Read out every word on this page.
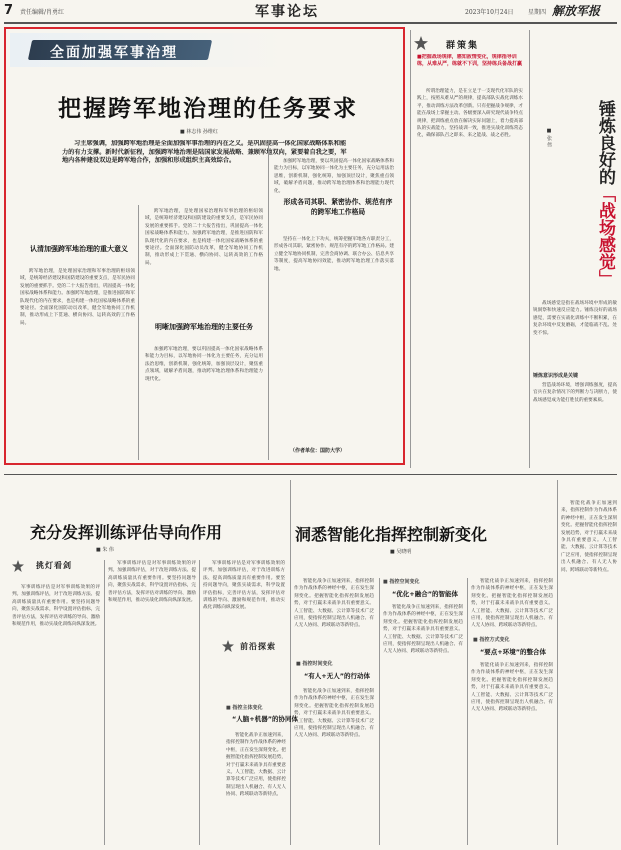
7 责任编辑/肖勇红	军事论坛	2023年10月24日 星期四 解放军报
全面加强军事治理
把握跨军地治理的任务要求
■ 林志伟 孙维红
习主席强调，加强跨军地治理是全面加强军事治理的内在之义。是巩固提高一体化国家战略体系和能力的有力支撑。新时代新征程，加强跨军地治理是陆国家发展战略、兼顾军地双向，紧要着自我之要，军地内各种建设双边是跨军地合作，加强和形成组织主高效综合。
认清加强跨军地治理的重大意义
跨军地治理，是处理国家治理和军事治理的枢纽领域，是统筹经济建设和国防建设的重要支点，是军民协同发展的重要抓手。党的二十大报告指出，巩固提高一体化国家战略体系和能力。加强跨军地治理，是推进国防和军队现代化的内在要求，也是构建一体化国家战略体系的重要途径。全面深化国防动员改革，健全军地协同工作机制，推动形成上下贯通、横向协同、运转高效的工作格局。
跨军地治理，是处理国家治理和军事治理的枢纽领域，是统筹经济建设和国防建设的重要支点，是军民协同发展的重要抓手。党的二十大报告指出，巩固提高一体化国家战略体系和能力。加强跨军地治理，是推进国防和军队现代化的内在要求，也是构建一体化国家战略体系的重要途径。全面深化国防动员改革，健全军地协同工作机制，推动形成上下贯通、横向协同、运转高效的工作格局。
明晰加强跨军地治理的主要任务
加强跨军地治理，要以巩固提高一体化国家战略体系和能力为目标，以军地协同一体化为主要任务，充分运用法治思维，创新机制，强化统筹，加强顶层设计，聚焦重点领域，破解矛盾问题，推动跨军地治理体系和治理能力现代化。
加强跨军地治理，要以巩固提高一体化国家战略体系和能力为目标，以军地协同一体化为主要任务，充分运用法治思维，创新机制，强化统筹，加强顶层设计，聚焦重点领域，破解矛盾问题，推动跨军地治理体系和治理能力现代化。
形成各司其职、紧密协作、规范有序的跨军地工作格局
坚持在一体化上下功夫，统筹把握军地各方职责分工，形成各司其职、紧密协作、规范有序的跨军地工作格局。建立健全军地协同机制，完善会商协调、联合办公、信息共享等制度，提高军地协同效能，推动跨军地治理工作落实落地。
（作者单位：国防大学）
群策集
■把握战场规律，感知敌情变化，规律指导训练，从难从严，练就不下训，坚持练兵备战打赢
所谓治理能力，是在立足于一支现代化军队的实践上，按照从难从严的规律，提高部队实战化训练水平，推动训练方法改革创新。只有把握战争规律，才能在战场上掌握主动。各级要深入研究现代战争特点规律，把训练重点放在解决实际问题上，着力提高部队的实战能力。坚持战训一致，推进实战化训练常态化，确保部队召之即来、来之能战、战之必胜。	锤炼良好的「战场感觉」
■ 张 伟
战场感觉是指在战场环境中形成的敏锐洞察和快速反应能力。锤炼良好的战场感觉，需要在实战化训练中不断积累，在复杂环境中反复磨砺，才能临战不乱、处变不惊。
锤炼意识形成是关键
营造战场环境，增强训练强度，提高官兵在复杂情况下的判断力与决断力，使战场感觉成为能打胜仗的重要素质。
充分发挥训练评估导向作用
■ 朱 伟
挑灯看剑
军事训练评估是对军事训练效果的评判。加强训练评估，对于改进训练方法、提高训练质量具有重要作用。要坚持问题导向，聚焦实战需求，科学设置评估指标，完善评估方法，发挥评估对训练的导向、激励和规范作用，推动实战化训练向纵深发展。
军事训练评估是对军事训练效果的评判。加强训练评估，对于改进训练方法、提高训练质量具有重要作用。要坚持问题导向，聚焦实战需求，科学设置评估指标，完善评估方法，发挥评估对训练的导向、激励和规范作用，推动实战化训练向纵深发展。
军事训练评估是对军事训练效果的评判。加强训练评估，对于改进训练方法、提高训练质量具有重要作用。要坚持问题导向，聚焦实战需求，科学设置评估指标，完善评估方法，发挥评估对训练的导向、激励和规范作用，推动实战化训练向纵深发展。
洞悉智能化指挥控制新变化
■ 吴晓明
前沿探索
■ 指控主体变化
“人脑+机器”的协同体
智能化战争正加速到来，指挥控制作为作战体系的神经中枢，正在发生深刻变化。把握智能化指挥控制发展趋势，对于打赢未来战争具有重要意义。人工智能、大数据、云计算等技术广泛应用，使指挥控制呈现出人机融合、有人无人协同、跨域联动等新特点。
智能化战争正加速到来，指挥控制作为作战体系的神经中枢，正在发生深刻变化。把握智能化指挥控制发展趋势，对于打赢未来战争具有重要意义。人工智能、大数据、云计算等技术广泛应用，使指挥控制呈现出人机融合、有人无人协同、跨域联动等新特点。
■ 指控时间变化
“有人+无人”的行动体
智能化战争正加速到来，指挥控制作为作战体系的神经中枢，正在发生深刻变化。把握智能化指挥控制发展趋势，对于打赢未来战争具有重要意义。人工智能、大数据、云计算等技术广泛应用，使指挥控制呈现出人机融合、有人无人协同、跨域联动等新特点。
■ 指控空间变化
“优化+融合”的智能体
智能化战争正加速到来，指挥控制作为作战体系的神经中枢，正在发生深刻变化。把握智能化指挥控制发展趋势，对于打赢未来战争具有重要意义。人工智能、大数据、云计算等技术广泛应用，使指挥控制呈现出人机融合、有人无人协同、跨域联动等新特点。
智能化战争正加速到来，指挥控制作为作战体系的神经中枢，正在发生深刻变化。把握智能化指挥控制发展趋势，对于打赢未来战争具有重要意义。人工智能、大数据、云计算等技术广泛应用，使指挥控制呈现出人机融合、有人无人协同、跨域联动等新特点。
■ 指控方式变化
“要点+环境”的整合体
智能化战争正加速到来，指挥控制作为作战体系的神经中枢，正在发生深刻变化。把握智能化指挥控制发展趋势，对于打赢未来战争具有重要意义。人工智能、大数据、云计算等技术广泛应用，使指挥控制呈现出人机融合、有人无人协同、跨域联动等新特点。
智能化战争正加速到来，指挥控制作为作战体系的神经中枢，正在发生深刻变化。把握智能化指挥控制发展趋势，对于打赢未来战争具有重要意义。人工智能、大数据、云计算等技术广泛应用，使指挥控制呈现出人机融合、有人无人协同、跨域联动等新特点。
